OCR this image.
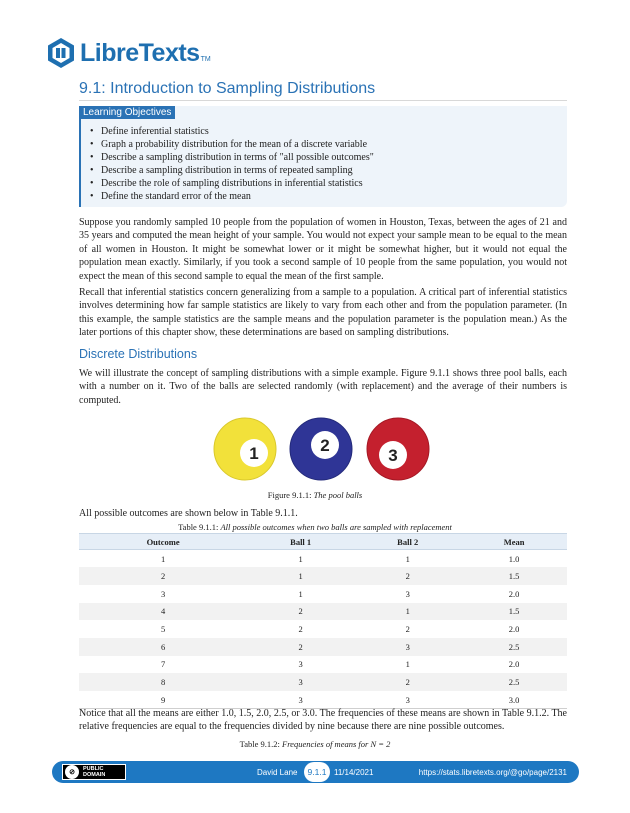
LibreTexts TM
9.1: Introduction to Sampling Distributions
Learning Objectives
• Define inferential statistics
• Graph a probability distribution for the mean of a discrete variable
• Describe a sampling distribution in terms of "all possible outcomes"
• Describe a sampling distribution in terms of repeated sampling
• Describe the role of sampling distributions in inferential statistics
• Define the standard error of the mean

Suppose you randomly sampled 10 people from the population of women in Houston, Texas, between the ages of 21 and 35 years and computed the mean height of your sample. You would not expect your sample mean to be equal to the mean of all women in Houston. It might be somewhat lower or it might be somewhat higher, but it would not equal the population mean exactly. Similarly, if you took a second sample of 10 people from the same population, you would not expect the mean of this second sample to equal the mean of the first sample.

Recall that inferential statistics concern generalizing from a sample to a population. A critical part of inferential statistics involves determining how far sample statistics are likely to vary from each other and from the population parameter. (In this example, the sample statistics are the sample means and the population parameter is the population mean.) As the later portions of this chapter show, these determinations are based on sampling distributions.

Discrete Distributions

We will illustrate the concept of sampling distributions with a simple example. Figure 9.1.1 shows three pool balls, each with a number on it. Two of the balls are selected randomly (with replacement) and the average of their numbers is computed.

1	2
3
Figure 9.1.1: The pool balls

All possible outcomes are shown below in Table 9.1.1.

Table 9.1.1: All possible outcomes when two balls are sampled with replacement
Outcome	Ball 1	Ball 2	Mean
1	1	1	1.0
2	1	2	1.5
3	1	3	2.0
4	2	1	1.5
5	2	2	2.0
6	2	3	2.5
7	3	1	2.0
8	3	2	2.5
9	3	3	3.0

Notice that all the means are either 1.0, 1.5, 2.0, 2.5, or 3.0. The frequencies of these means are shown in Table 9.1.2. The relative frequencies are equal to the frequencies divided by nine because there are nine possible outcomes.

Table 9.1.2: Frequencies of means for N = 2
⊘	PUBLIC
DOMAIN	David Lane	9.1.1 11/14/2021	https://stats.libretexts.org/@go/page/2131
